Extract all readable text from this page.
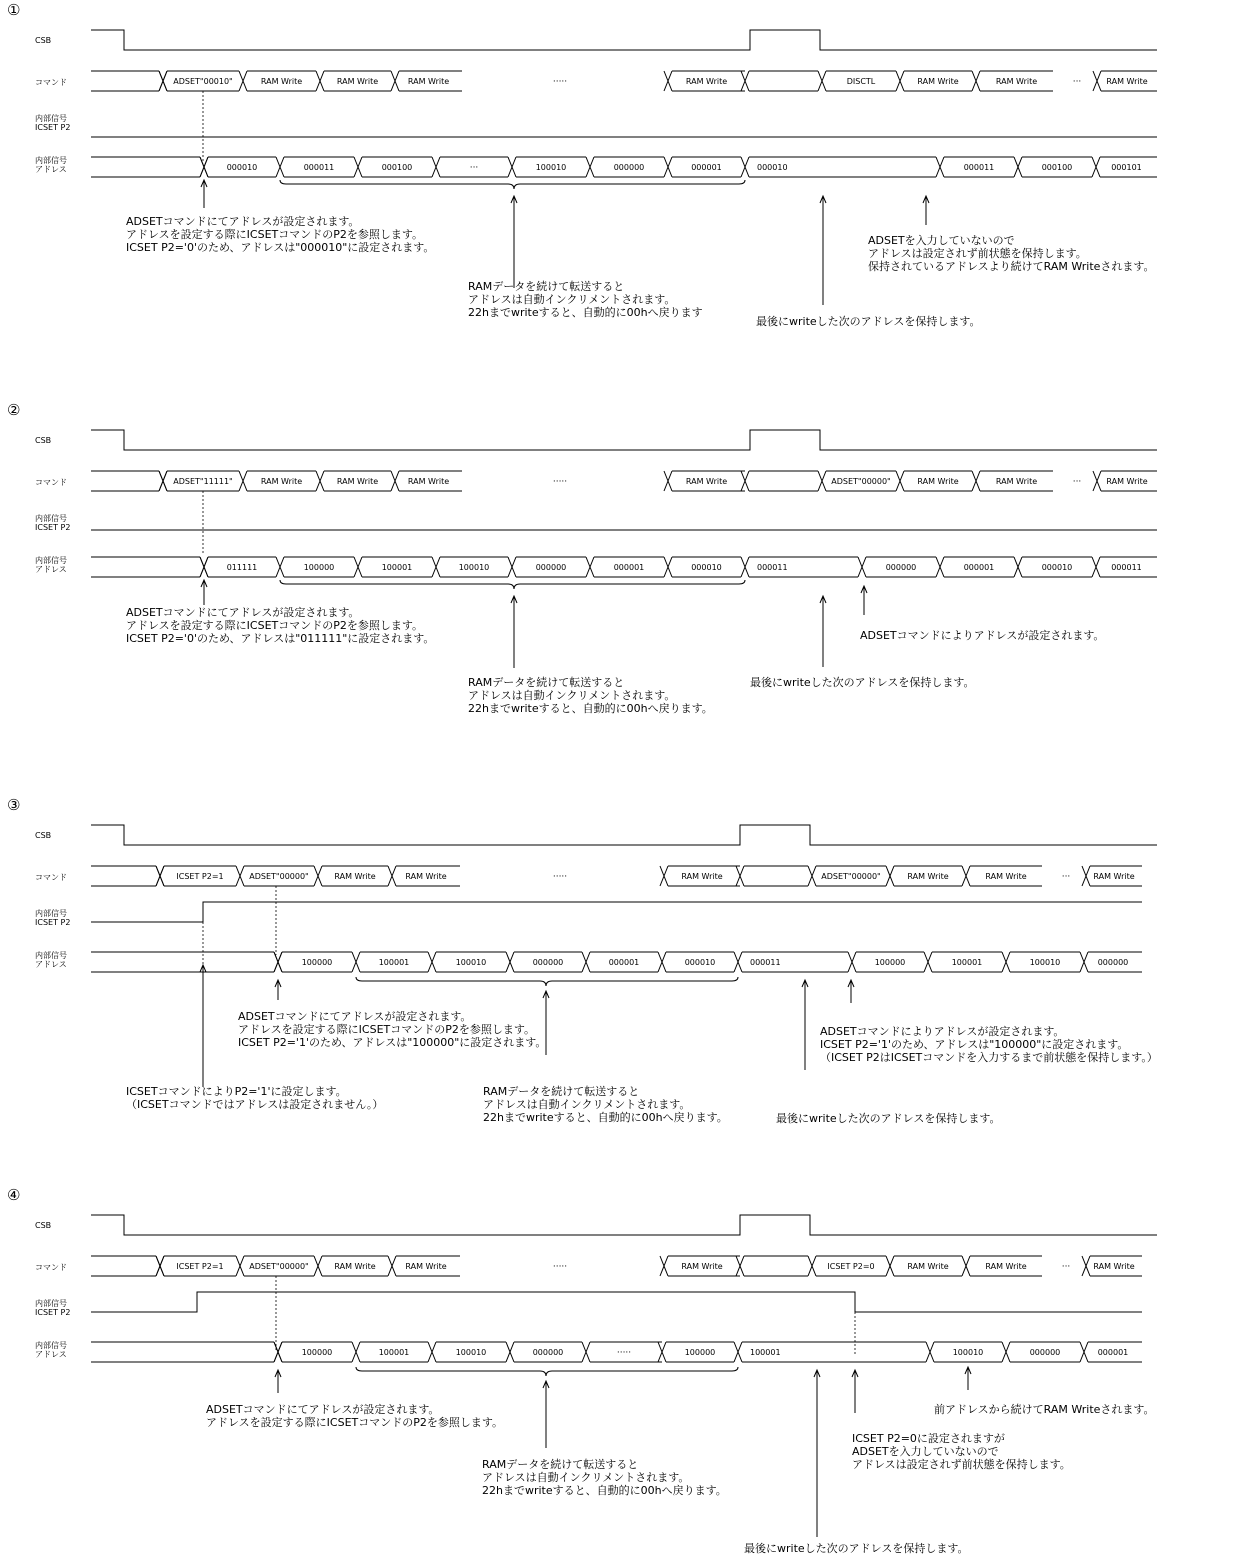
①
CSB
コマンド
内部信号
ICSET P2
内部信号
アドレス
ADSET"00010"	RAM Write	RAM Write	RAM Write	·····	RAM Write	DISCTL	RAM Write	RAM Write	···	RAM Write
000010	000011	000100	···	100010	000000	000001	000010	000011	000100	000101
ADSETコマンドにてアドレスが設定されます。
アドレスを設定する際にICSETコマンドのP2を参照します。
ICSET P2='0'のため、アドレスは"000010"に設定されます。
RAMデータを続けて転送すると
アドレスは自動インクリメントされます。
22hまでwriteすると、自動的に00hへ戻ります
最後にwriteした次のアドレスを保持します。
ADSETを入力していないので
アドレスは設定されず前状態を保持します。
保持されているアドレスより続けてRAM Writeされます。
②
CSB
コマンド
内部信号
ICSET P2
内部信号
アドレス
ADSET"11111"	RAM Write	RAM Write	RAM Write	·····	RAM Write	ADSET"00000"	RAM Write	RAM Write	···	RAM Write
011111	100000	100001	100010	000000	000001	000010	000011	000000	000001	000010	000011
ADSETコマンドにてアドレスが設定されます。
アドレスを設定する際にICSETコマンドのP2を参照します。
ICSET P2='0'のため、アドレスは"011111"に設定されます。
RAMデータを続けて転送すると
アドレスは自動インクリメントされます。
22hまでwriteすると、自動的に00hへ戻ります。
最後にwriteした次のアドレスを保持します。
ADSETコマンドによりアドレスが設定されます。
③
CSB
コマンド
内部信号
ICSET P2
内部信号
アドレス
ICSET P2=1	ADSET"00000"	RAM Write	RAM Write	·····	RAM Write	ADSET"00000"	RAM Write	RAM Write	···	RAM Write
100000	100001	100010	000000	000001	000010	000011	100000	100001	100010	000000
ADSETコマンドにてアドレスが設定されます。
アドレスを設定する際にICSETコマンドのP2を参照します。
ICSET P2='1'のため、アドレスは"100000"に設定されます。
ICSETコマンドによりP2='1'に設定します。
（ICSETコマンドではアドレスは設定されません。）
RAMデータを続けて転送すると
アドレスは自動インクリメントされます。
22hまでwriteすると、自動的に00hへ戻ります。	最後にwriteした次のアドレスを保持します。
ADSETコマンドによりアドレスが設定されます。
ICSET P2='1'のため、アドレスは"100000"に設定されます。
（ICSET P2はICSETコマンドを入力するまで前状態を保持します。）
④
CSB
コマンド
内部信号
ICSET P2
内部信号
アドレス
ICSET P2=1	ADSET"00000"	RAM Write	RAM Write	·····	RAM Write	ICSET P2=0	RAM Write	RAM Write	···	RAM Write
100000	100001	100010	000000	·····	100000	100001	100010	000000	000001
ADSETコマンドにてアドレスが設定されます。
アドレスを設定する際にICSETコマンドのP2を参照します。
RAMデータを続けて転送すると
アドレスは自動インクリメントされます。
22hまでwriteすると、自動的に00hへ戻ります。
最後にwriteした次のアドレスを保持します。
ICSET P2=0に設定されますが
ADSETを入力していないので
アドレスは設定されず前状態を保持します。
前アドレスから続けてRAM Writeされます。
